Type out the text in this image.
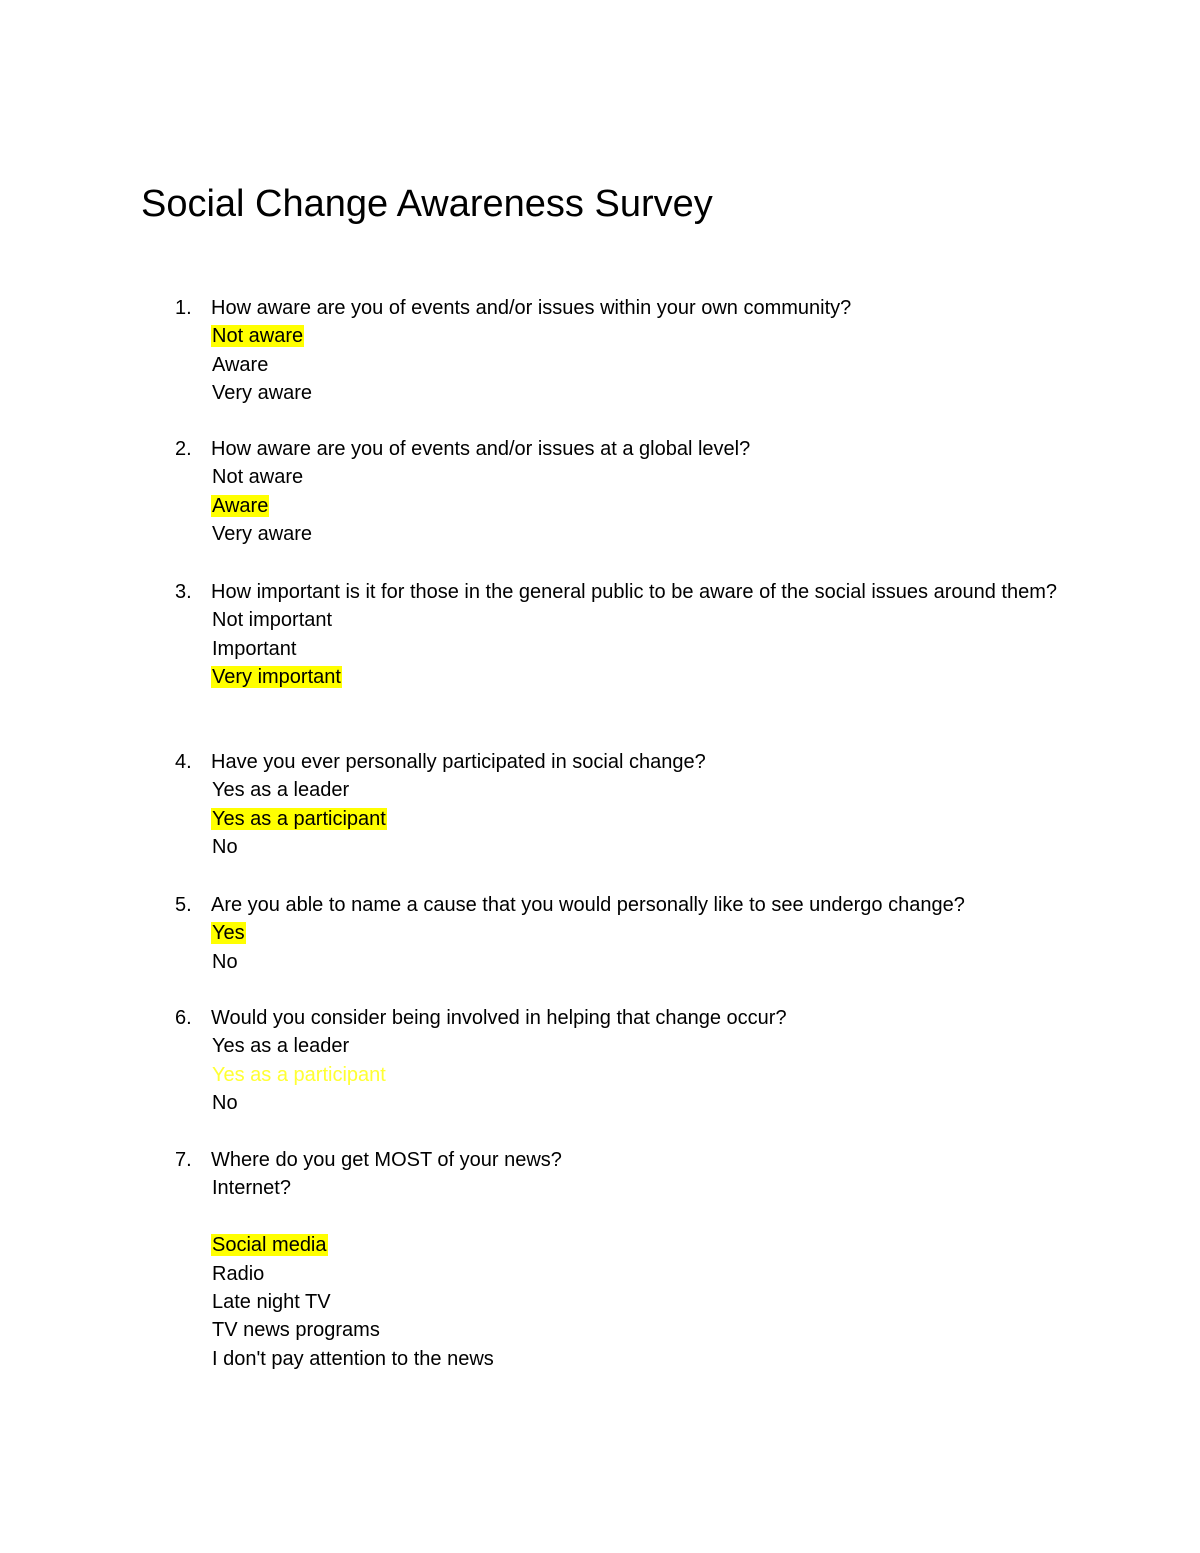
Social Change Awareness Survey
1. How aware are you of events and/or issues within your own community?
Not aware
Aware
Very aware
2. How aware are you of events and/or issues at a global level?
Not aware
Aware
Very aware
3. How important is it for those in the general public to be aware of the social issues around them?
Not important
Important
Very important
4. Have you ever personally participated in social change?
Yes as a leader
Yes as a participant
No
5. Are you able to name a cause that you would personally like to see undergo change?
Yes
No
6. Would you consider being involved in helping that change occur?
Yes as a leader
Yes as a participant
No
7. Where do you get MOST of your news?
Internet?
Social media
Radio
Late night TV
TV news programs
I don't pay attention to the news
